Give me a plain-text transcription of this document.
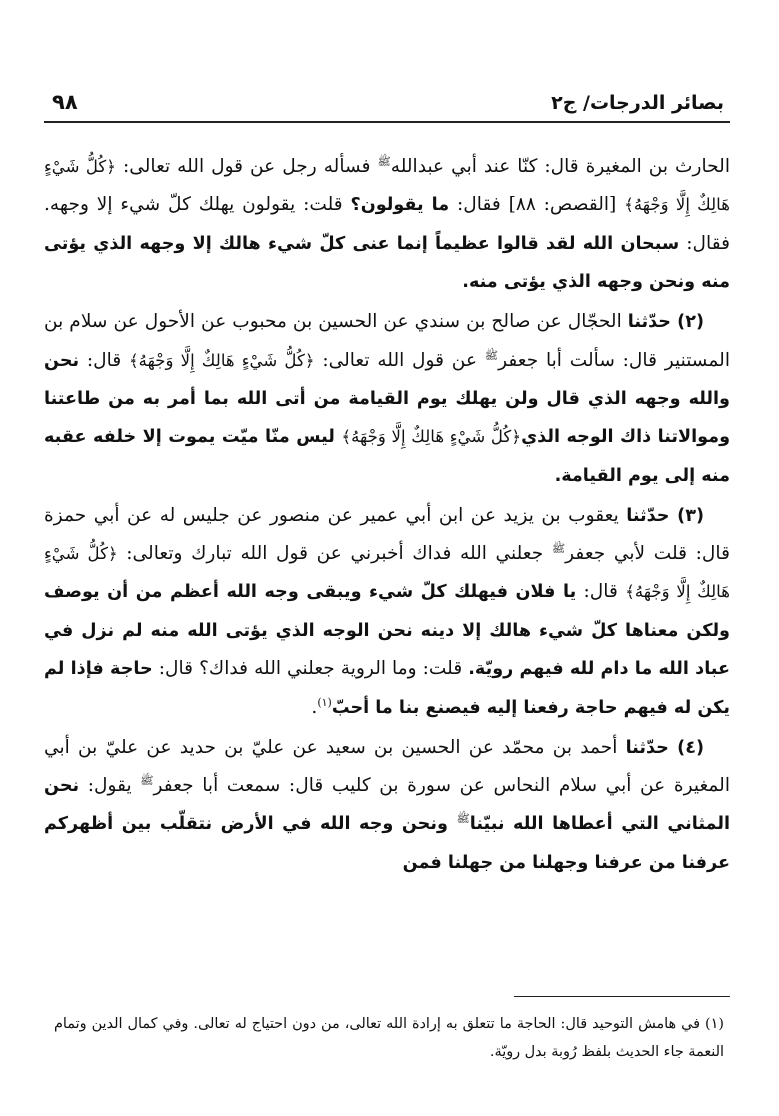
٩٨	بصائر الدرجات/ ج٢

الحارث بن المغيرة قال: كنّا عند أبي عبدالله$^ﷺ$ فسأله رجل عن قول الله تعالى: ﴿كُلُّ شَيْءٍ هَالِكٌ إِلَّا وَجْهَهُ﴾ [القصص: ٨٨] فقال: ما يقولون؟ قلت: يقولون يهلك كلّ شيء إلا وجهه. فقال: سبحان الله لقد قالوا عظيماً إنما عنى كلّ شيء هالك إلا وجهه الذي يؤتى منه ونحن وجهه الذي يؤتى منه.

(٢) حدّثنا الحجّال عن صالح بن سندي عن الحسين بن محبوب عن الأحول عن سلام بن المستنير قال: سألت أبا جعفر$^ﷺ$ عن قول الله تعالى: ﴿كُلُّ شَيْءٍ هَالِكٌ إِلَّا وَجْهَهُ﴾ قال: نحن والله وجهه الذي قال ولن يهلك يوم القيامة من أتى الله بما أمر به من طاعتنا وموالاتنا ذاك الوجه الذي﴿كُلُّ شَيْءٍ هَالِكٌ إِلَّا وَجْهَهُ﴾ ليس منّا ميّت يموت إلا خلفه عقبه منه إلى يوم القيامة.

(٣) حدّثنا يعقوب بن يزيد عن ابن أبي عمير عن منصور عن جليس له عن أبي حمزة قال: قلت لأبي جعفر$^ﷺ$ جعلني الله فداك أخبرني عن قول الله تبارك وتعالى: ﴿كُلُّ شَيْءٍ هَالِكٌ إِلَّا وَجْهَهُ﴾ قال: يا فلان فيهلك كلّ شيء ويبقى وجه الله أعظم من أن يوصف ولكن معناها كلّ شيء هالك إلا دينه نحن الوجه الذي يؤتى الله منه لم نزل في عباد الله ما دام لله فيهم رويّة. قلت: وما الروية جعلني الله فداك؟ قال: حاجة فإذا لم يكن له فيهم حاجة رفعنا إليه فيصنع بنا ما أحبّ$^{(١)}$.

(٤) حدّثنا أحمد بن محمّد عن الحسين بن سعيد عن عليّ بن حديد عن عليّ بن أبي المغيرة عن أبي سلام النحاس عن سورة بن كليب قال: سمعت أبا جعفر$^ﷺ$ يقول: نحن المثاني التي أعطاها الله نبيّنا$^ﷺ$ ونحن وجه الله في الأرض نتقلّب بين أظهركم عرفنا من عرفنا وجهلنا من جهلنا فمن

(١) في هامش التوحيد قال: الحاجة ما تتعلق به إرادة الله تعالى، من دون احتياج له تعالى. وفي كمال الدين وتمام النعمة جاء الحديث بلفظ رُوبة بدل رويّة.
